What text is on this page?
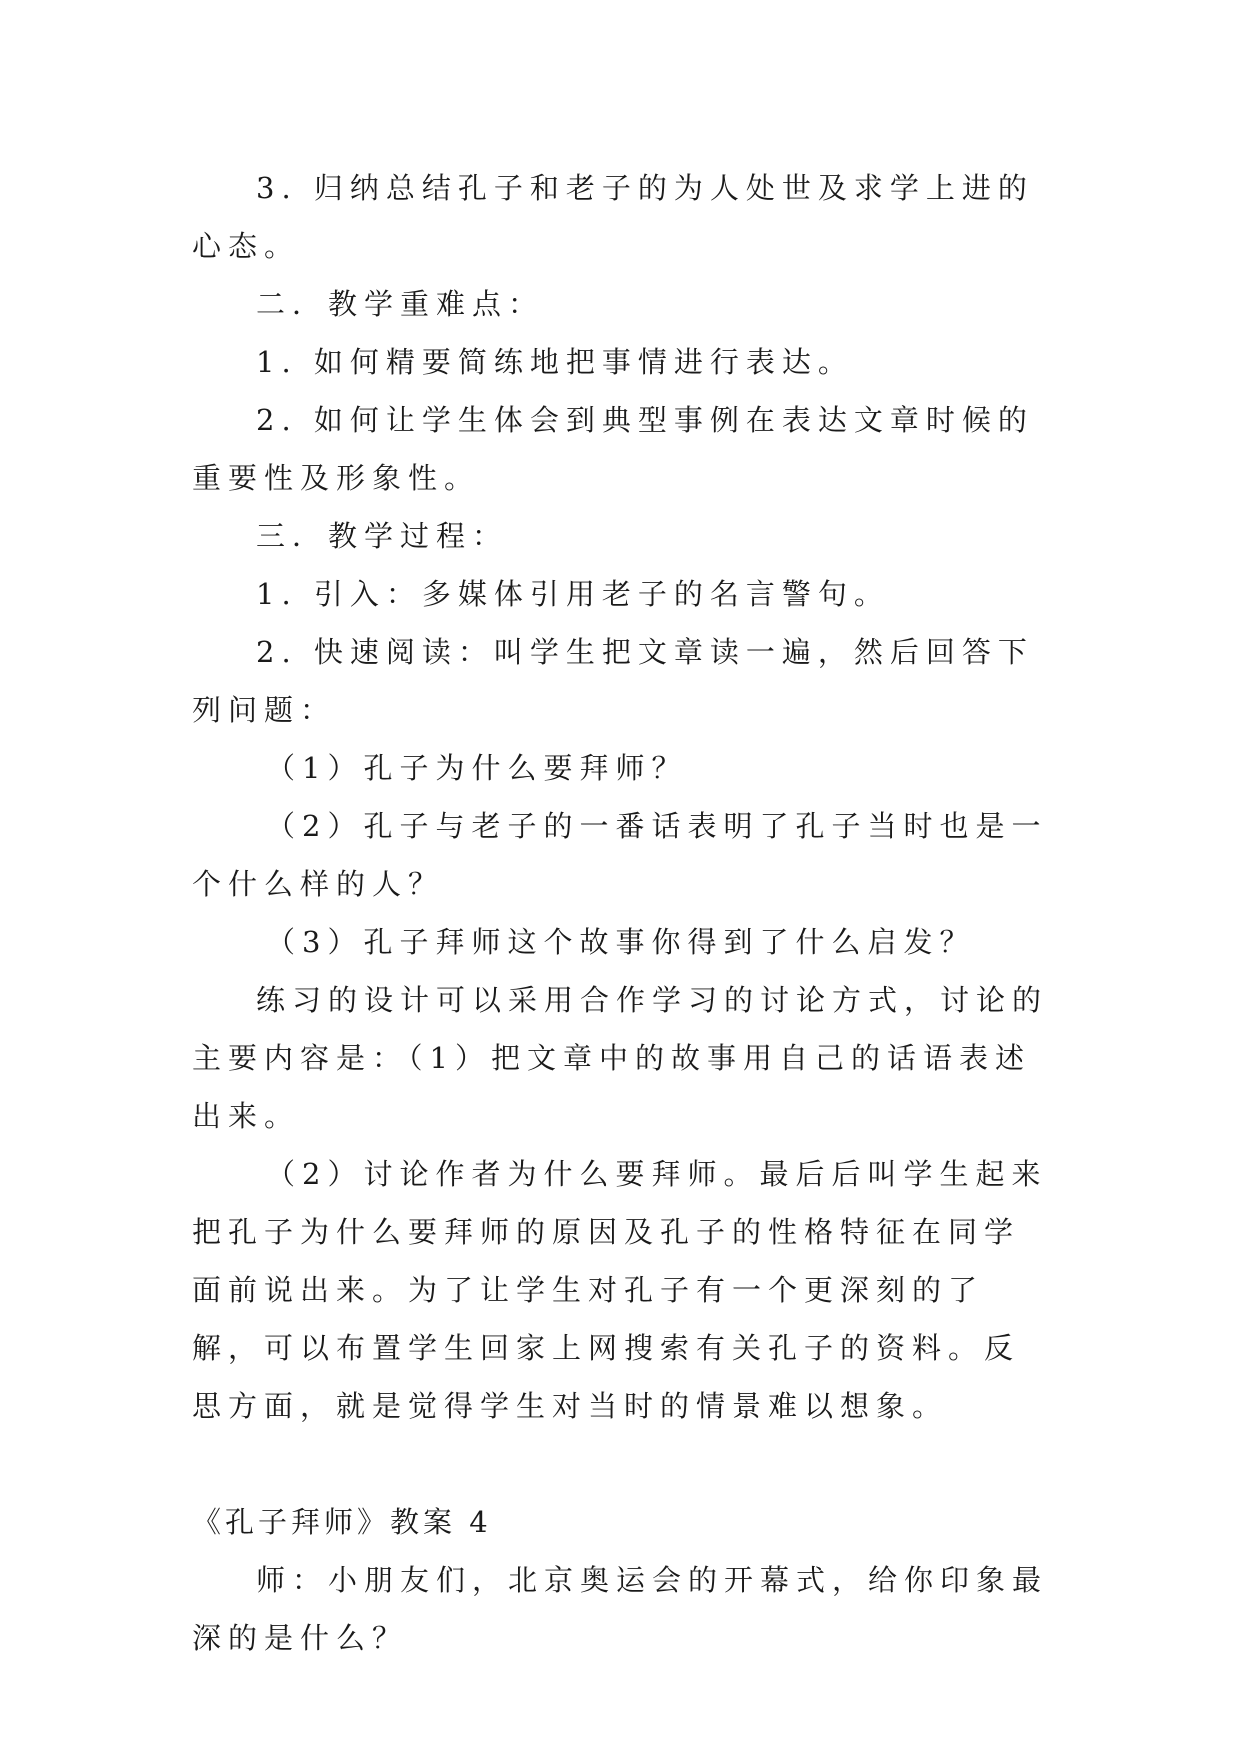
3. 归纳总结孔子和老子的为人处世及求学上进的心态。

二．教学重难点：

1. 如何精要简练地把事情进行表达。

2. 如何让学生体会到典型事例在表达文章时候的重要性及形象性。

三．教学过程：

1. 引入：多媒体引用老子的名言警句。

2. 快速阅读：叫学生把文章读一遍，然后回答下列问题：

（1）孔子为什么要拜师？

（2）孔子与老子的一番话表明了孔子当时也是一个什么样的人？

（3）孔子拜师这个故事你得到了什么启发？

练习的设计可以采用合作学习的讨论方式，讨论的主要内容是：（1）把文章中的故事用自己的话语表述出来。

（2）讨论作者为什么要拜师。最后后叫学生起来把孔子为什么要拜师的原因及孔子的性格特征在同学面前说出来。为了让学生对孔子有一个更深刻的了解，可以布置学生回家上网搜索有关孔子的资料。反思方面，就是觉得学生对当时的情景难以想象。

《孔子拜师》教案 4

师：小朋友们，北京奥运会的开幕式，给你印象最深的是什么？
